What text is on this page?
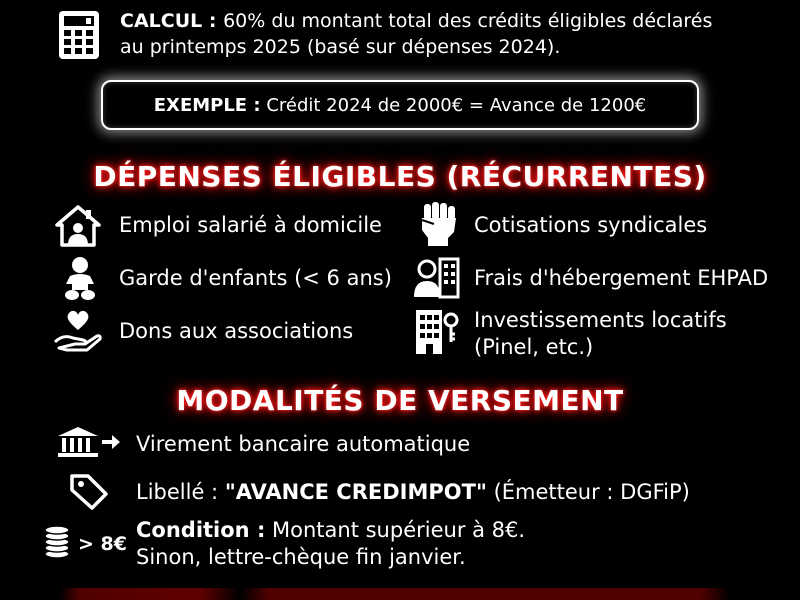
CALCUL : 60% du montant total des crédits éligibles déclarés
au printemps 2025 (basé sur dépenses 2024).
EXEMPLE :
Crédit 2024 de 2000€ = Avance de 1200€
DÉPENSES ÉLIGIBLES (RÉCURRENTES)
Emploi salarié à domicile
Garde d'enfants (< 6 ans)
Dons aux associations
Cotisations syndicales
Frais d'hébergement EHPAD
Investissements locatifs
(Pinel, etc.)
MODALITÉS DE VERSEMENT
Virement bancaire automatique
Libellé : "AVANCE CREDIMPOT" (Émetteur : DGFiP)
> 8€
Condition : Montant supérieur à 8€.
Sinon, lettre-chèque fin janvier.
